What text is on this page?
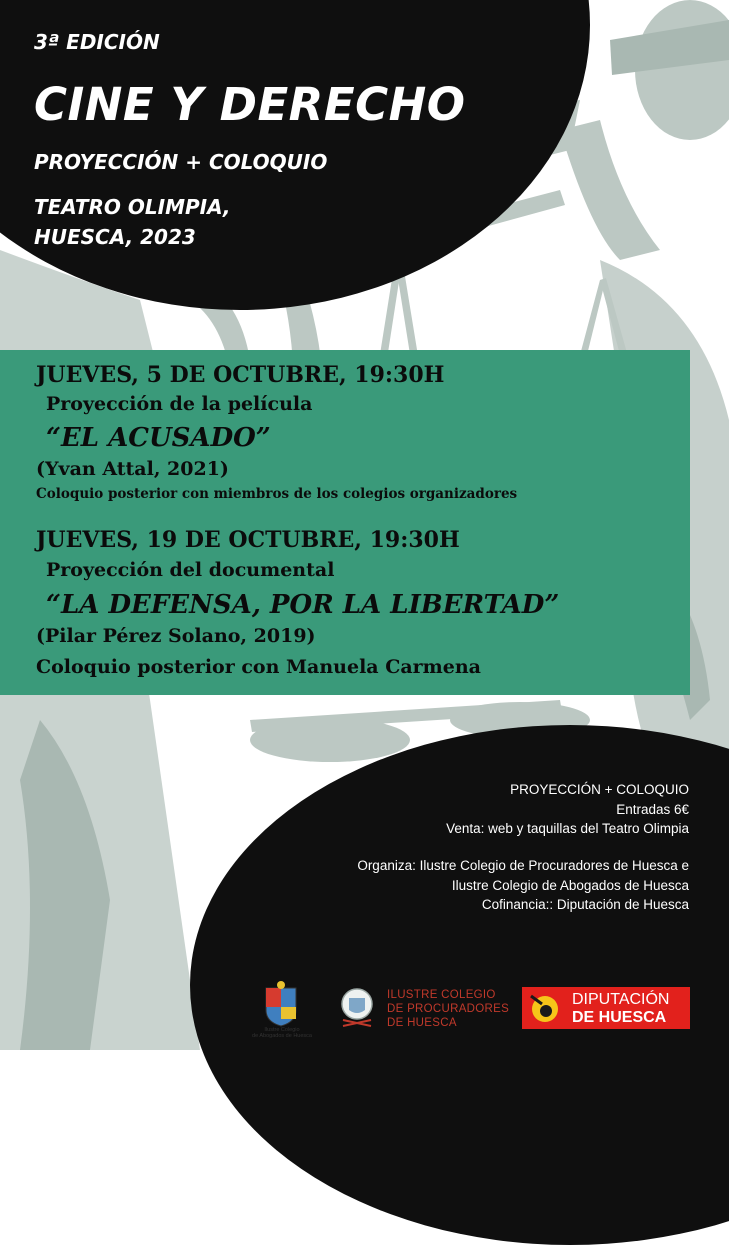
3ª EDICIÓN
CINE Y DERECHO
PROYECCIÓN + COLOQUIO
TEATRO OLIMPIA,
HUESCA, 2023
JUEVES, 5 DE OCTUBRE, 19:30H
Proyección de la película
“EL ACUSADO”
(Yvan Attal, 2021)
Coloquio posterior con miembros de los colegios organizadores
JUEVES, 19 DE OCTUBRE, 19:30H
Proyección del documental
“LA DEFENSA, POR LA LIBERTAD”
(Pilar Pérez Solano, 2019)
Coloquio posterior con Manuela Carmena
PROYECCIÓN + COLOQUIO
Entradas 6€
Venta: web y taquillas del Teatro Olimpia
Organiza: Ilustre Colegio de Procuradores de Huesca e
Ilustre Colegio de Abogados de Huesca
Cofinancia:: Diputación de Huesca
Ilustre Colegio
de Abogados de Huesca
ILUSTRE COLEGIO
DE PROCURADORES
DE HUESCA
DIPUTACIÓN
DE HUESCA
